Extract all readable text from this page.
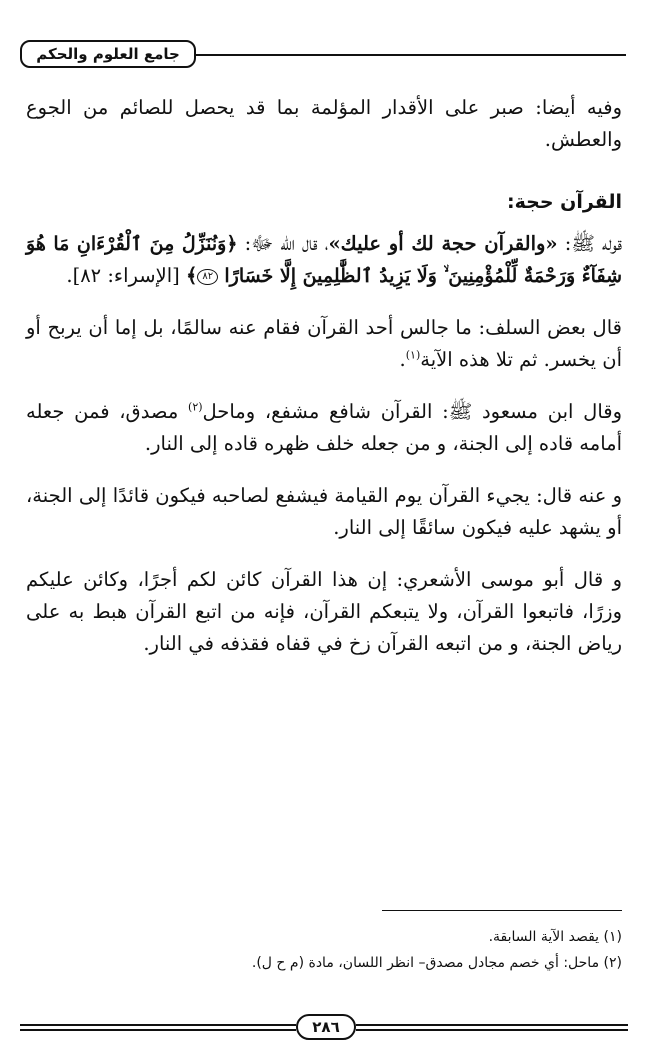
جامع العلوم والحكم

وفيه أيضا: صبر على الأقدار المؤلمة بما قد يحصل للصائم من الجوع والعطش.

القرآن حجة:

قوله ﷺ: «والقرآن حجة لك أو عليك»، قال الله ﷻ: ﴿وَنُنَزِّلُ مِنَ ٱلْقُرْءَانِ مَا هُوَ شِفَآءٌ وَرَحْمَةٌ لِّلْمُؤْمِنِينَ ۙ وَلَا يَزِيدُ ٱلظَّٰلِمِينَ إِلَّا خَسَارًا ٨٢﴾ [الإسراء: ٨٢].

قال بعض السلف: ما جالس أحد القرآن فقام عنه سالمًا، بل إما أن يربح أو أن يخسر. ثم تلا هذه الآية$^{(١)}$.

وقال ابن مسعود ﷺ: القرآن شافع مشفع، وماحل$^{(٢)}$ مصدق، فمن جعله أمامه قاده إلى الجنة، و من جعله خلف ظهره قاده إلى النار.

و عنه قال: يجيء القرآن يوم القيامة فيشفع لصاحبه فيكون قائدًا إلى الجنة، أو يشهد عليه فيكون سائقًا إلى النار.

و قال أبو موسى الأشعري: إن هذا القرآن كائن لكم أجرًا، وكائن عليكم وزرًا، فاتبعوا القرآن، ولا يتبعكم القرآن، فإنه من اتبع القرآن هبط به على رياض الجنة، و من اتبعه القرآن زخ في قفاه فقذفه في النار.

(١) يقصد الآية السابقة.
(٢) ماحل: أي خصم مجادل مصدق– انظر اللسان، مادة (م ح ل).
٢٨٦
